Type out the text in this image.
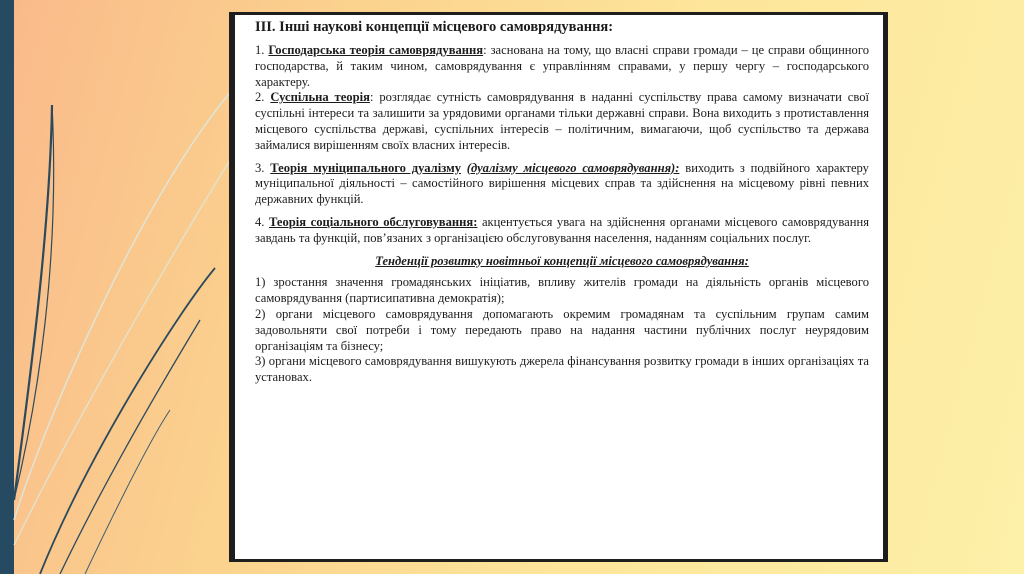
III. Інші наукові концепції місцевого самоврядування:

1. Господарська теорія самоврядування: заснована на тому, що власні справи громади – це справи общинного господарства, й таким чином, самоврядування є управлінням справами, у першу чергу – господарського характеру.

2. Суспільна теорія: розглядає сутність самоврядування в наданні суспільству права самому визначати свої суспільні інтереси та залишити за урядовими органами тільки державні справи. Вона виходить з протиставлення місцевого суспільства державі, суспільних інтересів – політичним, вимагаючи, щоб суспільство та держава займалися вирішенням своїх власних інтересів.

3. Теорія муніципального дуалізму (дуалізму місцевого самоврядування): виходить з подвійного характеру муніципальної діяльності – самостійного вирішення місцевих справ та здійснення на місцевому рівні певних державних функцій.

4. Теорія соціального обслуговування: акцентується увага на здійснення органами місцевого самоврядування завдань та функцій, пов’язаних з організацією обслуговування населення, наданням соціальних послуг.

Тенденції розвитку новітньої концепції місцевого самоврядування:

1) зростання значення громадянських ініціатив, впливу жителів громади на діяльність органів місцевого самоврядування (партисипативна демократія);

2) органи місцевого самоврядування допомагають окремим громадянам та суспільним групам самим задовольняти свої потреби і тому передають право на надання частини публічних послуг неурядовим організаціям та бізнесу;

3) органи місцевого самоврядування вишукують джерела фінансування розвитку громади в інших організаціях та установах.
